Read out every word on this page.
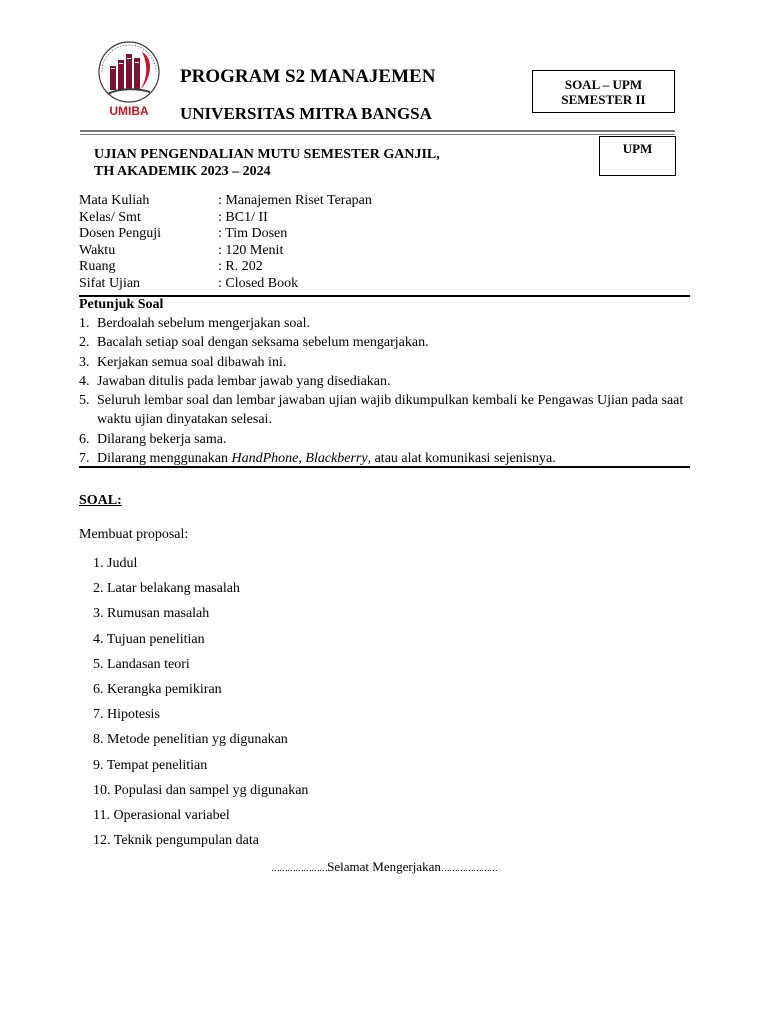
UMIBA
PROGRAM S2 MANAJEMEN
UNIVERSITAS MITRA BANGSA
SOAL – UPM
SEMESTER II
UPM
UJIAN PENGENDALIAN MUTU SEMESTER GANJIL,
TH AKADEMIK 2023 – 2024
Mata Kuliah	: Manajemen Riset Terapan
Kelas/ Smt	: BC1/ II
Dosen Penguji	: Tim Dosen
Waktu	: 120 Menit
Ruang	: R. 202
Sifat Ujian	: Closed Book
Petunjuk Soal
1. Berdoalah sebelum mengerjakan soal.
2. Bacalah setiap soal dengan seksama sebelum mengarjakan.
3. Kerjakan semua soal dibawah ini.
4. Jawaban ditulis pada lembar jawab yang disediakan.
5. Seluruh lembar soal dan lembar jawaban ujian wajib dikumpulkan kembali ke Pengawas Ujian pada saat waktu ujian dinyatakan selesai.
6. Dilarang bekerja sama.
7. Dilarang menggunakan HandPhone, Blackberry, atau alat komunikasi sejenisnya.
SOAL:
Membuat proposal:
1. Judul
2. Latar belakang masalah
3. Rumusan masalah
4. Tujuan penelitian
5. Landasan teori
6. Kerangka pemikiran
7. Hipotesis
8. Metode penelitian yg digunakan
9. Tempat penelitian
10. Populasi dan sampel yg digunakan
11. Operasional variabel
12. Teknik pengumpulan data
…………………Selamat Mengerjakan…………………
